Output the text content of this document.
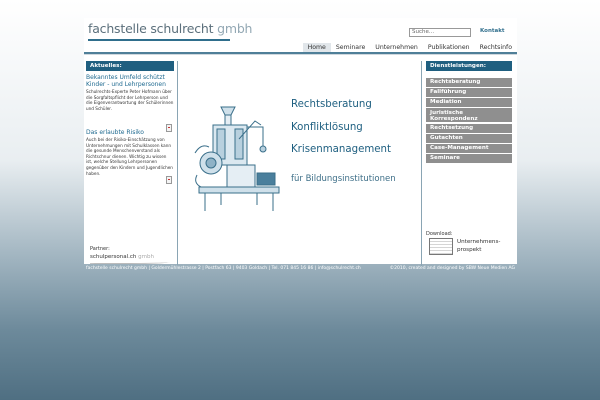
fachstelle schulrecht gmbh	Suche...	Kontakt
Home	Seminare	Unternehmen	Publikationen	Rechtsinfo
Aktuelles:
Bekanntes Umfeld schützt Kinder - und Lehrpersonen
Schulrechts-Experte Peter Hofmann über die Sorgfaltspflicht der Lehrperson und die Eigenverantwortung der Schülerinnen und Schüler.
Das erlaubte Risiko
Auch bei der Risiko-Einschätzung von Unternehmungen mit Schulklassen kann die gesunde Menschenverstand als Richtschnur dienen. Wichtig zu wissen ist, welche Stellung Lehrpersonen gegenüber den Kindern und Jugendlichen haben.
Partner:
schulpersonal.ch gmbh
Rechtsberatung
Konfliktlösung
Krisenmanagement
für Bildungsinstitutionen
Dienstleistungen:
Rechtsberatung
Fallführung
Mediation
Juristische Korrespondenz
Rechtsetzung
Gutachten
Case-Management
Seminare
Download:
Unternehmens-prospekt
fachstelle schulrecht gmbh | Goldermühlestrasse 2 | Postfach 63 | 9403 Goldach | Tel. 071 845 16 86 | info@schulrecht.ch	©2010, created and designed by SBW Neue Medien AG
